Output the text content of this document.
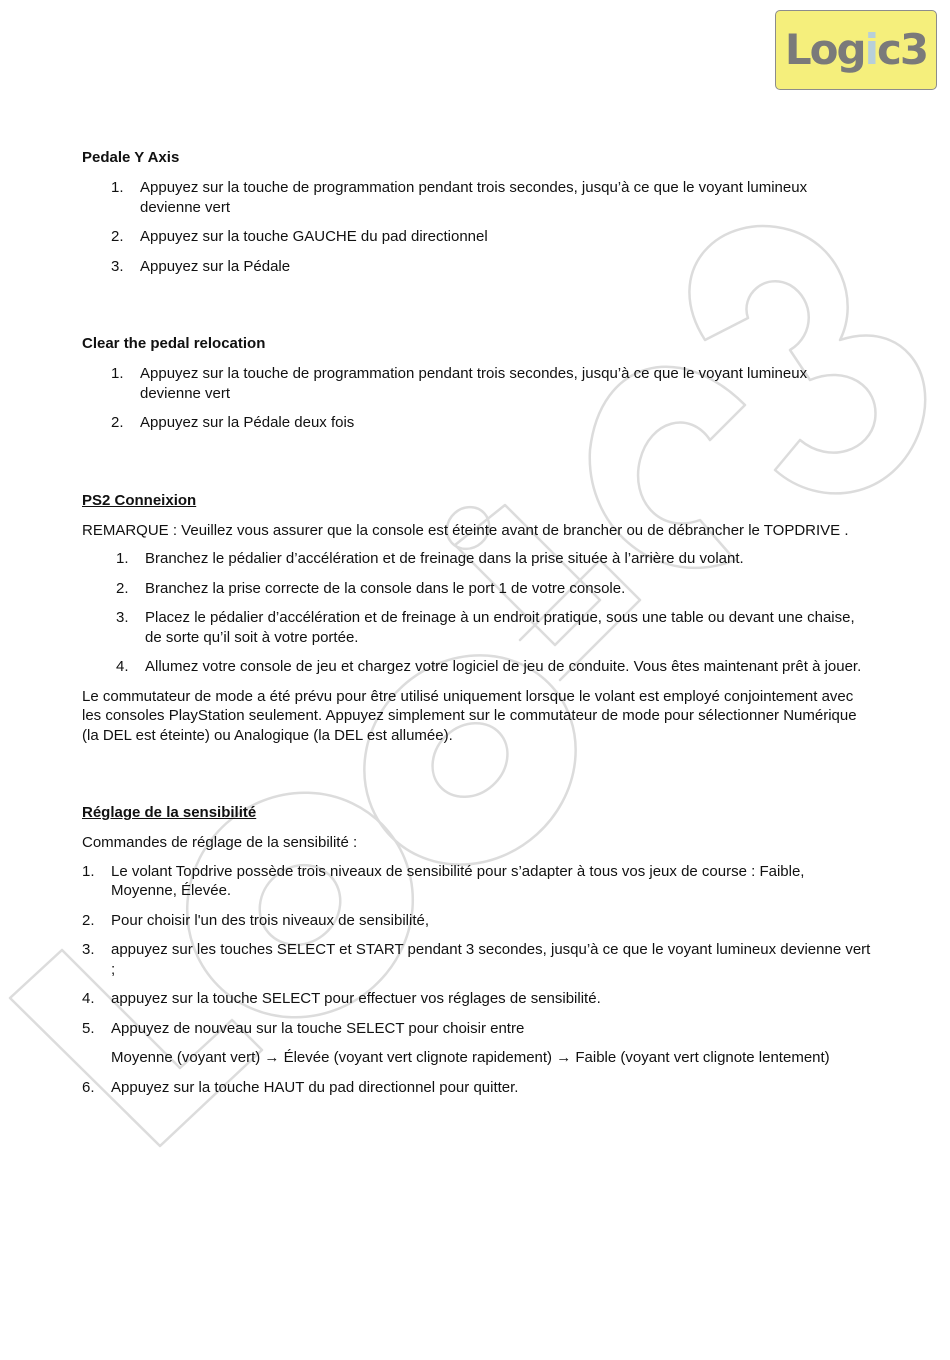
Logic3
Pedale Y Axis
1. Appuyez sur la touche de programmation pendant trois secondes, jusqu’à ce que le voyant lumineux devienne vert
2. Appuyez sur la touche GAUCHE du pad directionnel
3. Appuyez sur la Pédale
Clear the pedal relocation
1. Appuyez sur la touche de programmation pendant trois secondes, jusqu’à ce que le voyant lumineux devienne vert
2. Appuyez sur la Pédale deux fois
PS2 Conneixion

REMARQUE : Veuillez vous assurer que la console est éteinte avant de brancher ou de débrancher le TOPDRIVE .

1. Branchez le pédalier d’accélération et de freinage dans la prise située à l’arrière du volant.
2. Branchez la prise correcte de la console dans le port 1 de votre console.
3. Placez le pédalier d’accélération et de freinage à un endroit pratique, sous une table ou devant une chaise, de sorte qu’il soit à votre portée.
4. Allumez votre console de jeu et chargez votre logiciel de jeu de conduite. Vous êtes maintenant prêt à jouer.

Le commutateur de mode a été prévu pour être utilisé uniquement lorsque le volant est employé conjointement avec les consoles PlayStation seulement. Appuyez simplement sur le commutateur de mode pour sélectionner Numérique (la DEL est éteinte) ou Analogique (la DEL est allumée).

Réglage de la sensibilité

Commandes de réglage de la sensibilité :

1. Le volant Topdrive possède trois niveaux de sensibilité pour s’adapter à tous vos jeux de course : Faible, Moyenne, Élevée.
2. Pour choisir l'un des trois niveaux de sensibilité,
3. appuyez sur les touches SELECT et START pendant 3 secondes, jusqu’à ce que le voyant lumineux devienne vert ;
4. appuyez sur la touche SELECT pour effectuer vos réglages de sensibilité.
5. Appuyez de nouveau sur la touche SELECT pour choisir entre
Moyenne (voyant vert) → Élevée (voyant vert clignote rapidement) → Faible (voyant vert clignote lentement)
6. Appuyez sur la touche HAUT du pad directionnel pour quitter.
